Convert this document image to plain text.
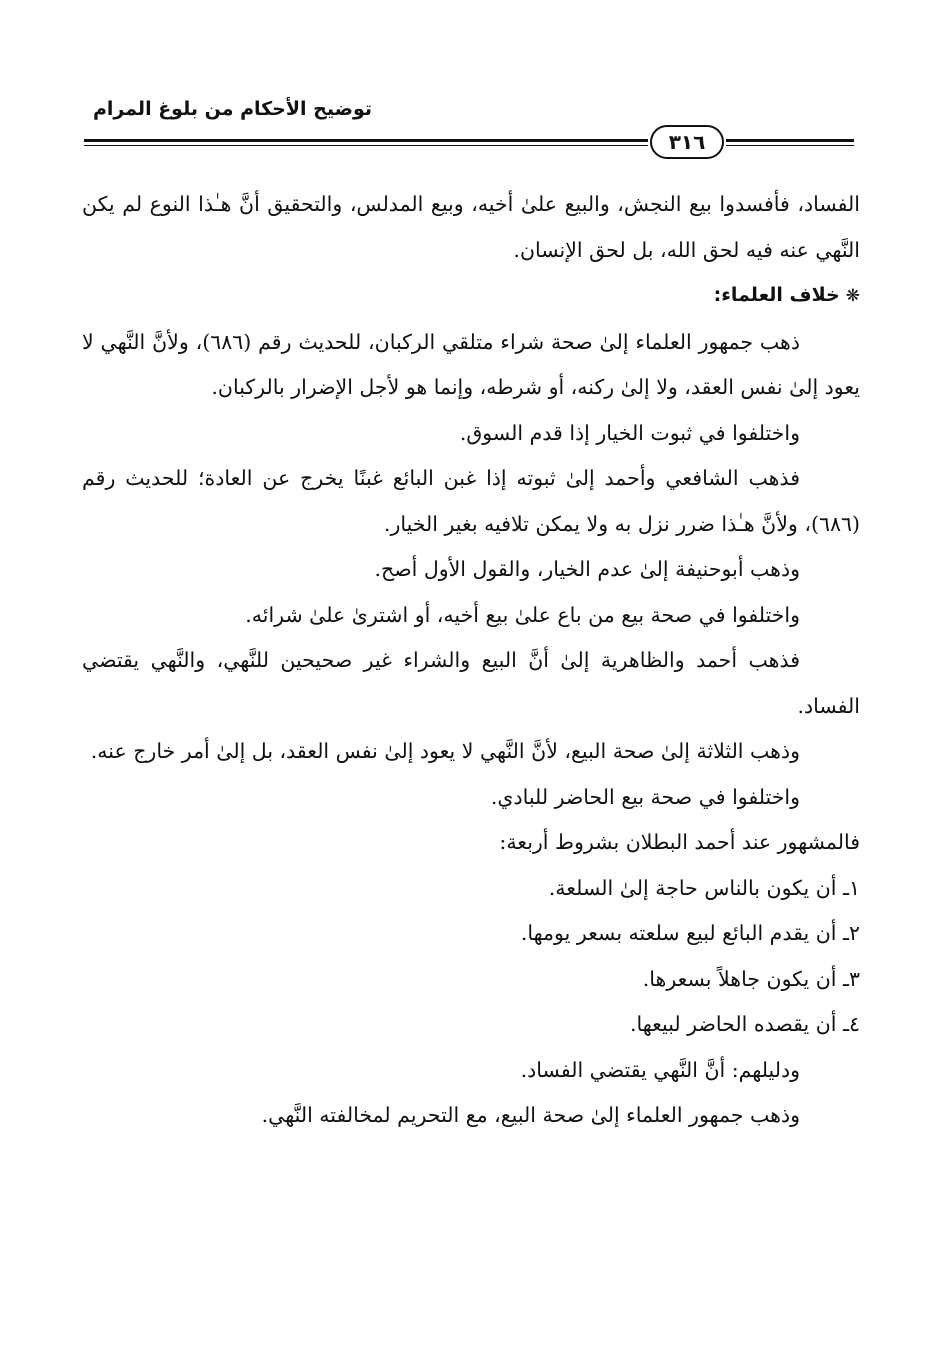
توضيح الأحكام من بلوغ المرام
٣١٦

الفساد، فأفسدوا بيع النجش، والبيع علىٰ أخيه، وبيع المدلس، والتحقيق أنَّ هـٰذا النوع لم يكن النَّهي عنه فيه لحق الله، بل لحق الإنسان.

❋خلاف العلماء:

ذهب جمهور العلماء إلىٰ صحة شراء متلقي الركبان، للحديث رقم (٦٨٦)، ولأنَّ النَّهي لا يعود إلىٰ نفس العقد، ولا إلىٰ ركنه، أو شرطه، وإنما هو لأجل الإضرار بالركبان.

واختلفوا في ثبوت الخيار إذا قدم السوق.

فذهب الشافعي وأحمد إلىٰ ثبوته إذا غبن البائع غبنًا يخرج عن العادة؛ للحديث رقم (٦٨٦)، ولأنَّ هـٰذا ضرر نزل به ولا يمكن تلافيه بغير الخيار.

وذهب أبوحنيفة إلىٰ عدم الخيار، والقول الأول أصح.

واختلفوا في صحة بيع من باع علىٰ بيع أخيه، أو اشترىٰ علىٰ شرائه.

فذهب أحمد والظاهرية إلىٰ أنَّ البيع والشراء غير صحيحين للنَّهي، والنَّهي يقتضي الفساد.

وذهب الثلاثة إلىٰ صحة البيع، لأنَّ النَّهي لا يعود إلىٰ نفس العقد، بل إلىٰ أمر خارج عنه.

واختلفوا في صحة بيع الحاضر للبادي.

فالمشهور عند أحمد البطلان بشروط أربعة:

١ـ أن يكون بالناس حاجة إلىٰ السلعة.

٢ـ أن يقدم البائع لبيع سلعته بسعر يومها.

٣ـ أن يكون جاهلاً بسعرها.

٤ـ أن يقصده الحاضر لبيعها.

ودليلهم: أنَّ النَّهي يقتضي الفساد.

وذهب جمهور العلماء إلىٰ صحة البيع، مع التحريم لمخالفته النَّهي.
